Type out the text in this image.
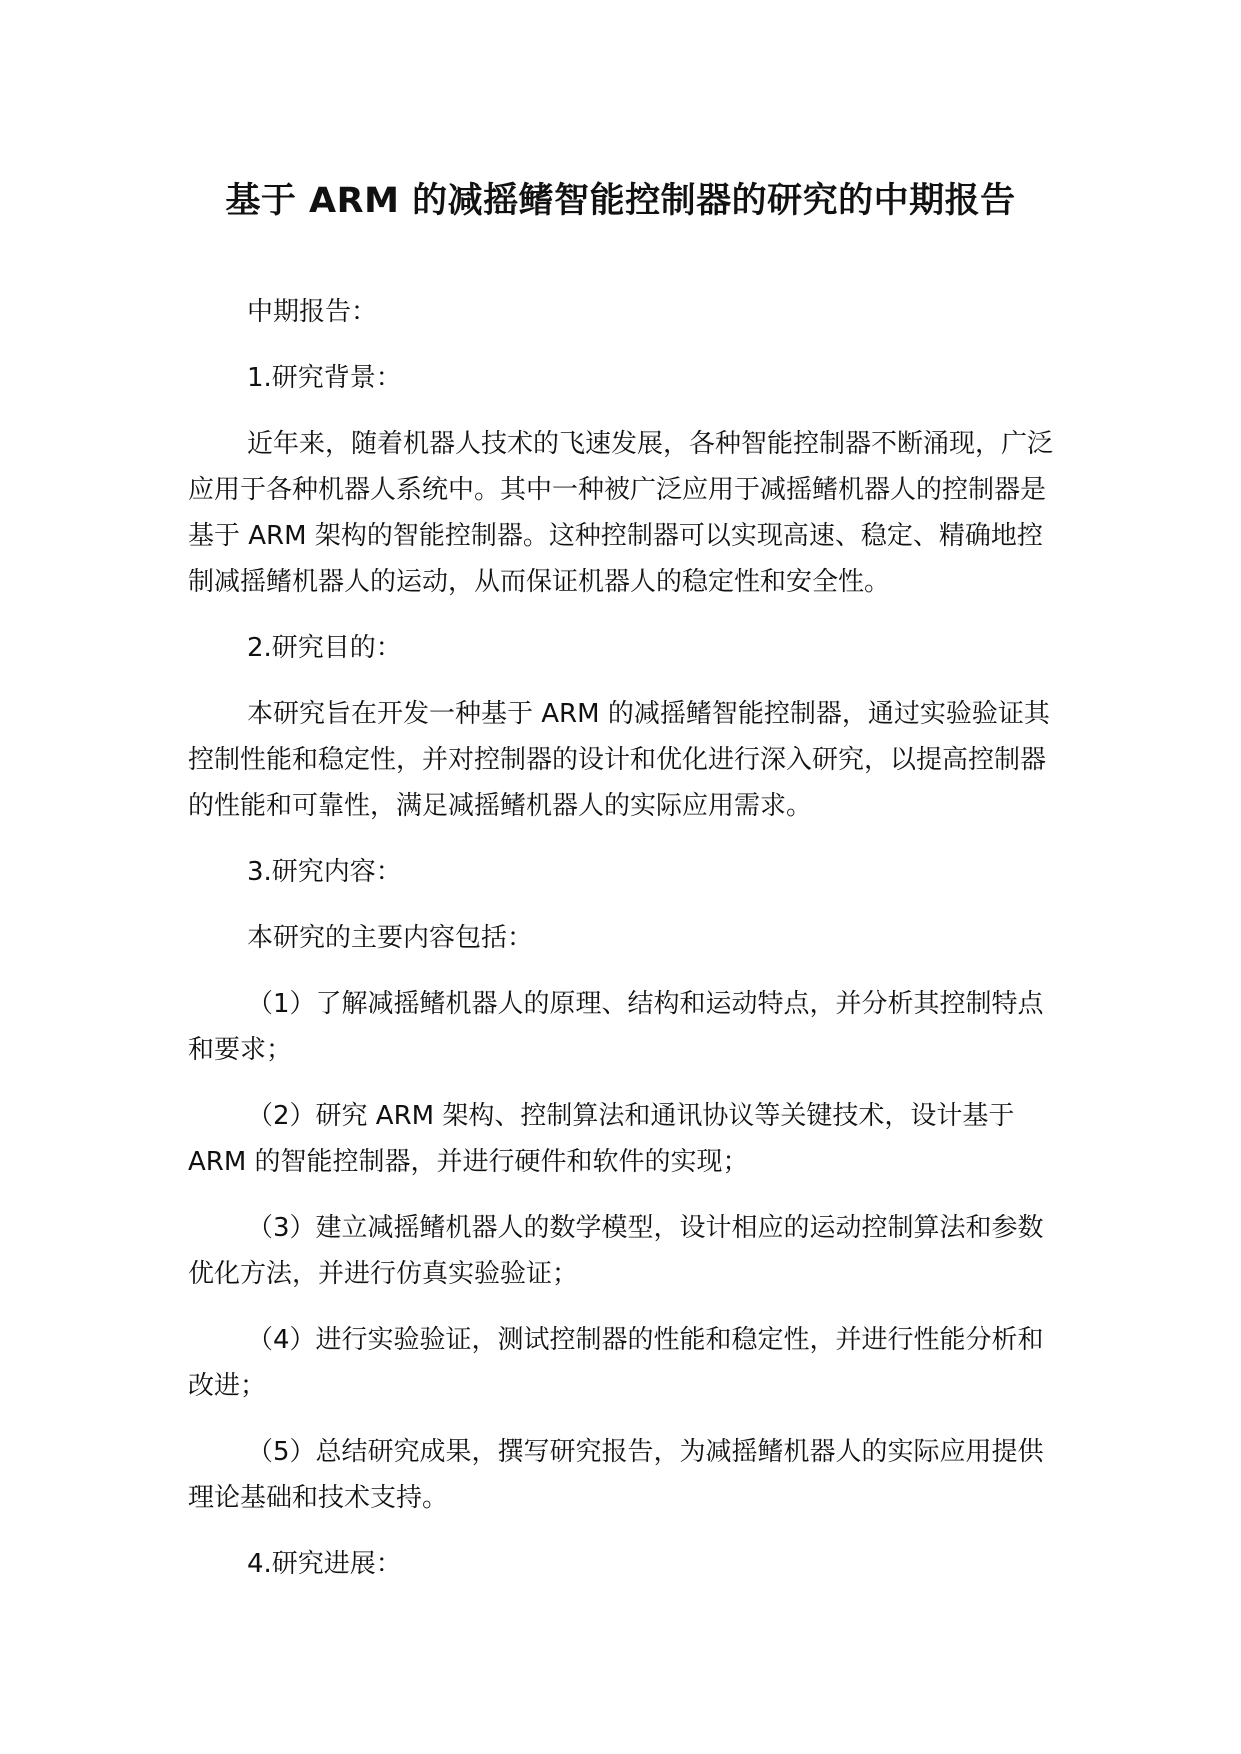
基于 ARM 的减摇鳍智能控制器的研究的中期报告

中期报告：

1.研究背景：

近年来，随着机器人技术的飞速发展，各种智能控制器不断涌现，广泛应用于各种机器人系统中。其中一种被广泛应用于减摇鳍机器人的控制器是基于 ARM 架构的智能控制器。这种控制器可以实现高速、稳定、精确地控制减摇鳍机器人的运动，从而保证机器人的稳定性和安全性。

2.研究目的：

本研究旨在开发一种基于 ARM 的减摇鳍智能控制器，通过实验验证其控制性能和稳定性，并对控制器的设计和优化进行深入研究，以提高控制器的性能和可靠性，满足减摇鳍机器人的实际应用需求。

3.研究内容：

本研究的主要内容包括：

（1）了解减摇鳍机器人的原理、结构和运动特点，并分析其控制特点和要求；

（2）研究 ARM 架构、控制算法和通讯协议等关键技术，设计基于 ARM 的智能控制器，并进行硬件和软件的实现；

（3）建立减摇鳍机器人的数学模型，设计相应的运动控制算法和参数优化方法，并进行仿真实验验证；

（4）进行实验验证，测试控制器的性能和稳定性，并进行性能分析和改进；

（5）总结研究成果，撰写研究报告，为减摇鳍机器人的实际应用提供理论基础和技术支持。

4.研究进展：
